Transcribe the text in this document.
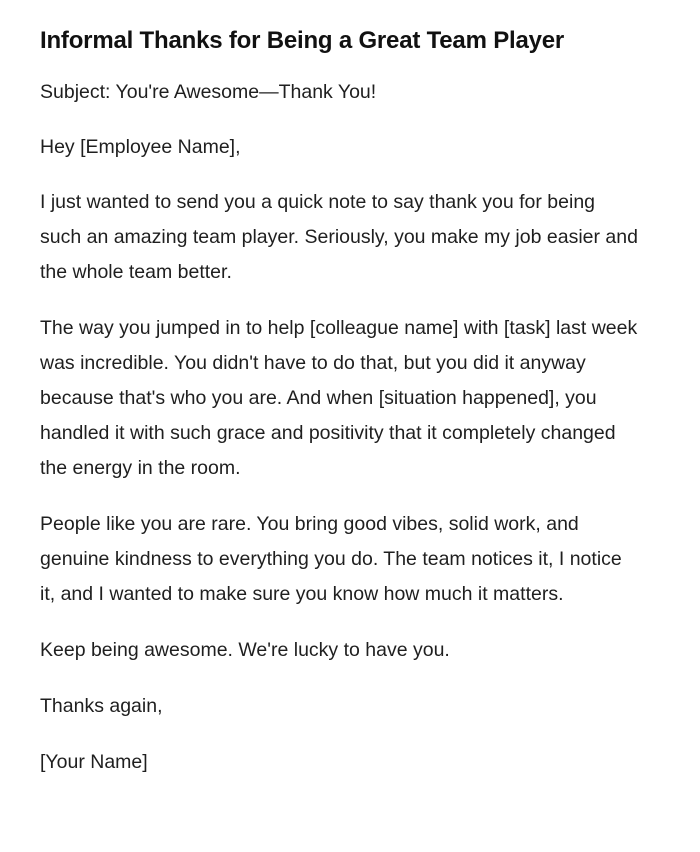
Informal Thanks for Being a Great Team Player

Subject: You're Awesome—Thank You!

Hey [Employee Name],

I just wanted to send you a quick note to say thank you for being such an amazing team player. Seriously, you make my job easier and the whole team better.

The way you jumped in to help [colleague name] with [task] last week was incredible. You didn't have to do that, but you did it anyway because that's who you are. And when [situation happened], you handled it with such grace and positivity that it completely changed the energy in the room.

People like you are rare. You bring good vibes, solid work, and genuine kindness to everything you do. The team notices it, I notice it, and I wanted to make sure you know how much it matters.

Keep being awesome. We're lucky to have you.

Thanks again,

[Your Name]
